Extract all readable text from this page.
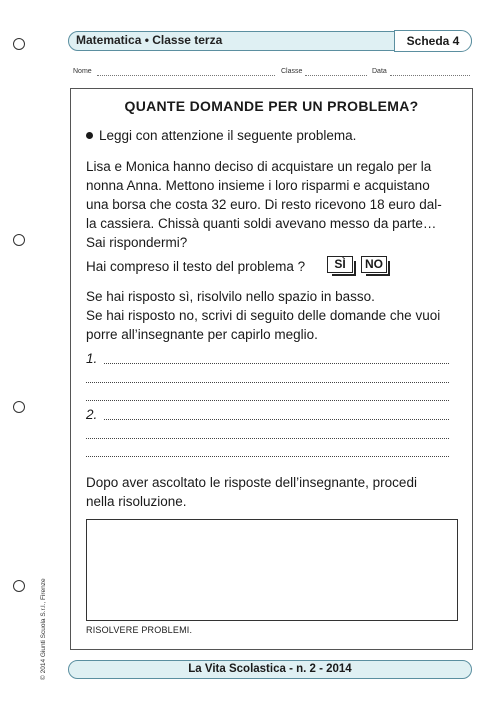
Matematica • Classe terza	Scheda 4
Nome	Classe	Data
QUANTE DOMANDE PER UN PROBLEMA?
Leggi con attenzione il seguente problema.
Lisa e Monica hanno deciso di acquistare un regalo per la
nonna Anna. Mettono insieme i loro risparmi e acquistano
una borsa che costa 32 euro. Di resto ricevono 18 euro dal-
la cassiera. Chissà quanti soldi avevano messo da parte…
Sai rispondermi?
Hai compreso il testo del problema ?	SÌ	NO
Se hai risposto sì, risolvilo nello spazio in basso.
Se hai risposto no, scrivi di seguito delle domande che vuoi
porre all’insegnante per capirlo meglio.
1.
2.
Dopo aver ascoltato le risposte dell’insegnante, procedi
nella risoluzione.
RISOLVERE PROBLEMI.
© 2014 Giunti Scuola S.r.l., Firenze	La Vita Scolastica - n. 2 - 2014
